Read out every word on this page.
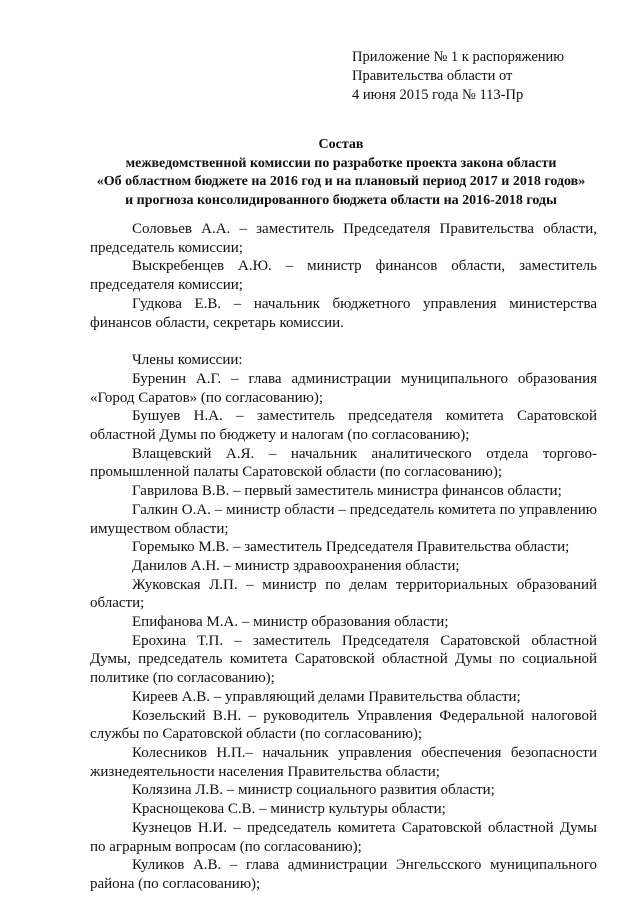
Приложение № 1 к распоряжению
Правительства области от
4 июня 2015 года № 113-Пр
Состав
межведомственной комиссии по разработке проекта закона области
«Об областном бюджете на 2016 год и на плановый период 2017 и 2018 годов»
и прогноза консолидированного бюджета области на 2016-2018 годы

Соловьев А.А. – заместитель Председателя Правительства области, председатель комиссии;

Выскребенцев А.Ю. – министр финансов области, заместитель председателя комиссии;

Гудкова Е.В. – начальник бюджетного управления министерства финансов области, секретарь комиссии.

Члены комиссии:

Буренин А.Г. – глава администрации муниципального образования «Город Саратов» (по согласованию);

Бушуев Н.А. – заместитель председателя комитета Саратовской областной Думы по бюджету и налогам (по согласованию);

Влащевский А.Я. – начальник аналитического отдела торгово-промышленной палаты Саратовской области (по согласованию);

Гаврилова В.В. – первый заместитель министра финансов области;

Галкин О.А. – министр области – председатель комитета по управлению имуществом области;

Горемыко М.В. – заместитель Председателя Правительства области;

Данилов А.Н. – министр здравоохранения области;

Жуковская Л.П. – министр по делам территориальных образований области;

Епифанова М.А. – министр образования области;

Ерохина Т.П. – заместитель Председателя Саратовской областной Думы, председатель комитета Саратовской областной Думы по социальной политике (по согласованию);

Киреев А.В. – управляющий делами Правительства области;

Козельский В.Н. – руководитель Управления Федеральной налоговой службы по Саратовской области (по согласованию);

Колесников Н.П.– начальник управления обеспечения безопасности жизнедеятельности населения Правительства области;

Колязина Л.В. – министр социального развития области;

Краснощекова С.В. – министр культуры области;

Кузнецов Н.И. – председатель комитета Саратовской областной Думы по аграрным вопросам (по согласованию);

Куликов А.В. – глава администрации Энгельсского муниципального района (по согласованию);
